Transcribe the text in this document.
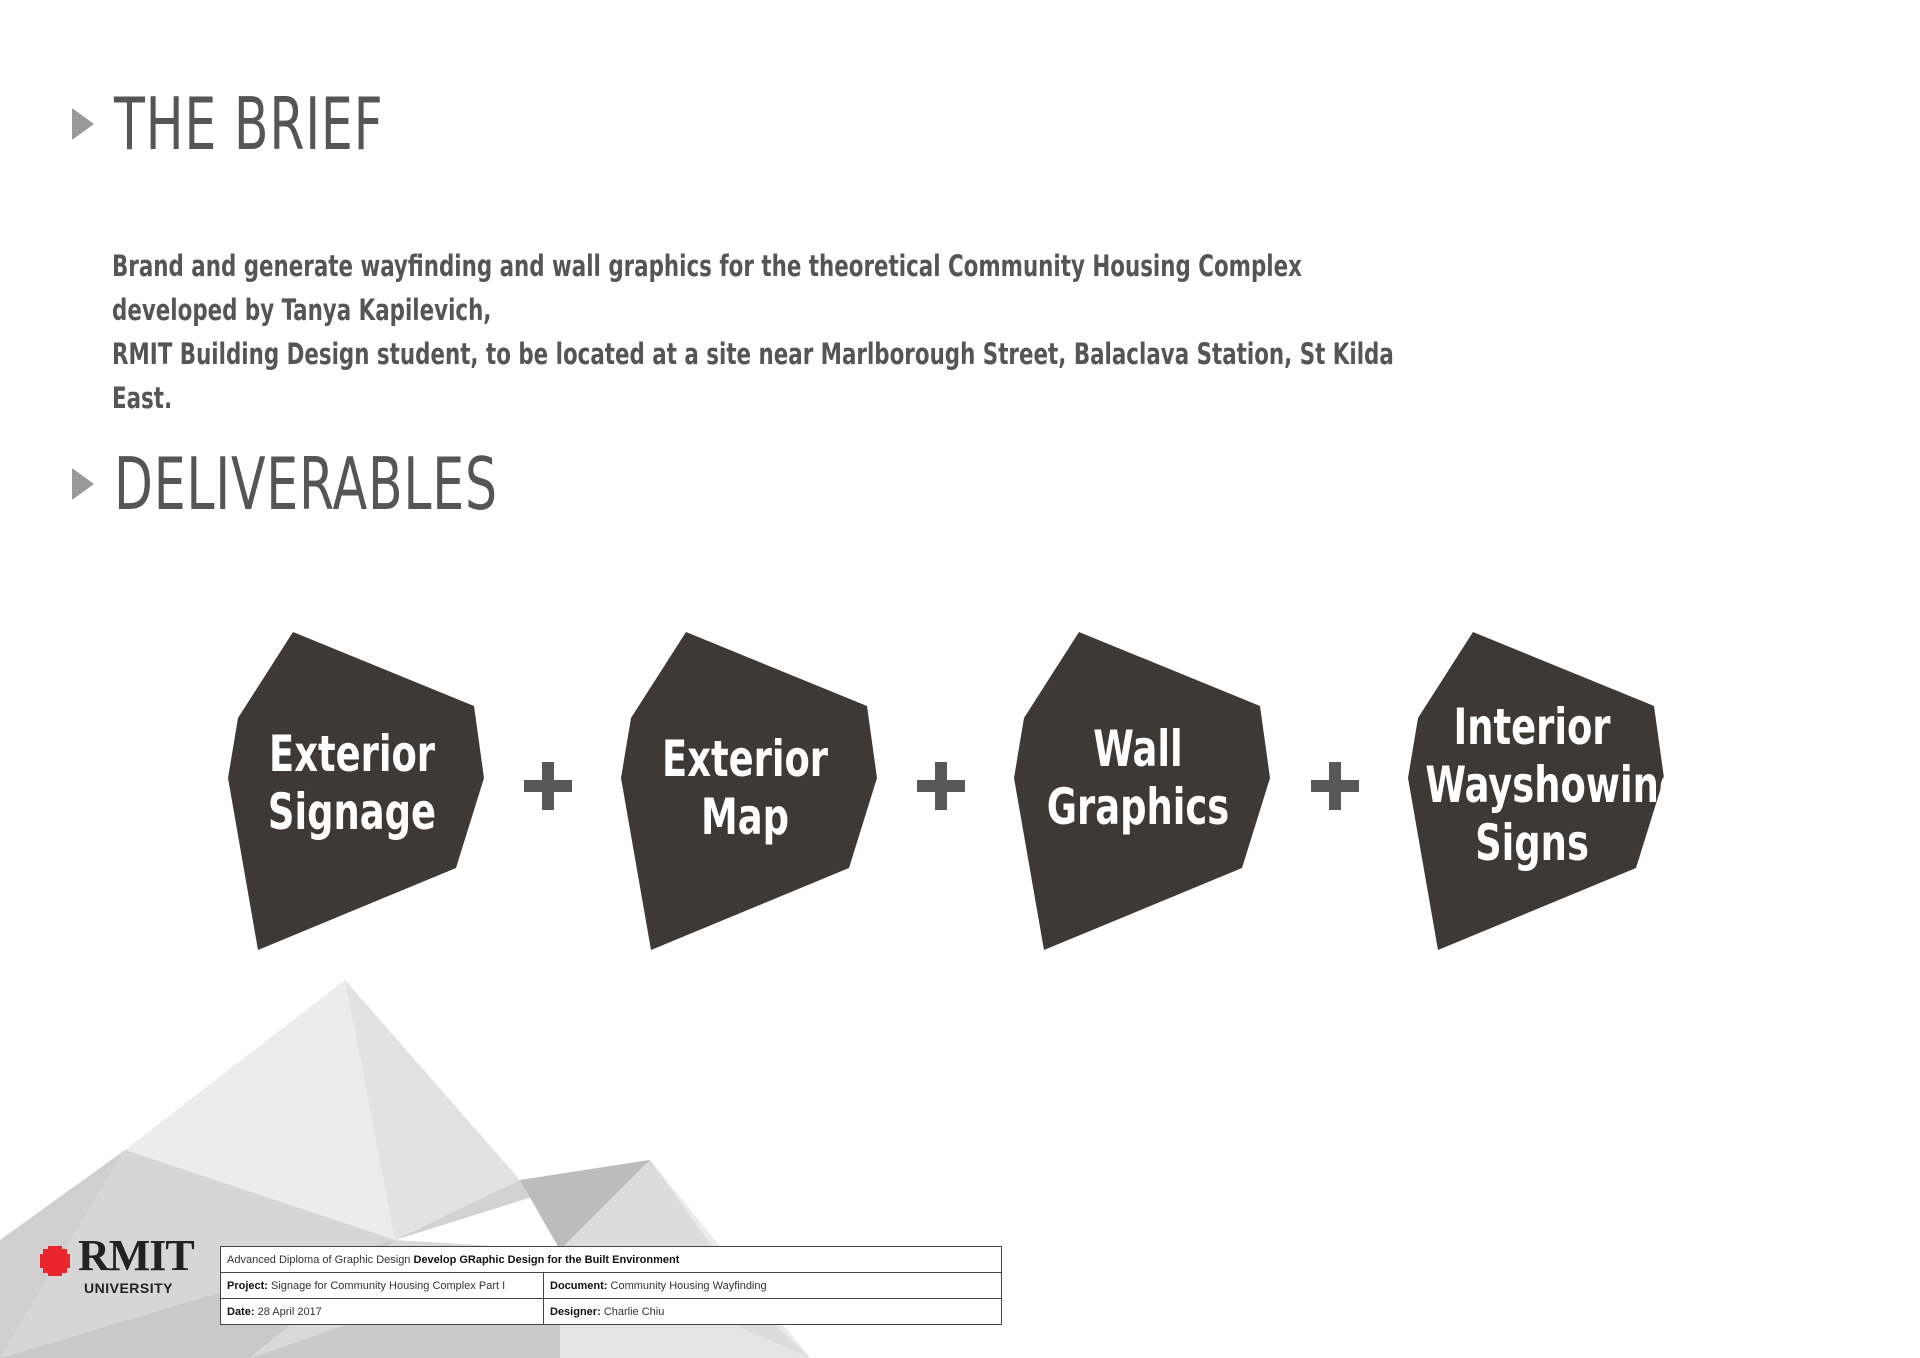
THE BRIEF

Brand and generate wayfinding and wall graphics for the theoretical Community Housing Complex developed by Tanya Kapilevich,

RMIT Building Design student, to be located at a site near Marlborough Street, Balaclava Station, St Kilda East.

DELIVERABLES
Exterior
Signage
Exterior
Map
Wall
Graphics
Interior
Wayshowing
Signs
RMIT
UNIVERSITY
Advanced Diploma of Graphic Design Develop GRaphic Design for the Built Environment	
Project: Signage for Community Housing Complex Part I	Document: Community Housing Wayfinding
Date: 28 April 2017	Designer: Charlie Chiu
